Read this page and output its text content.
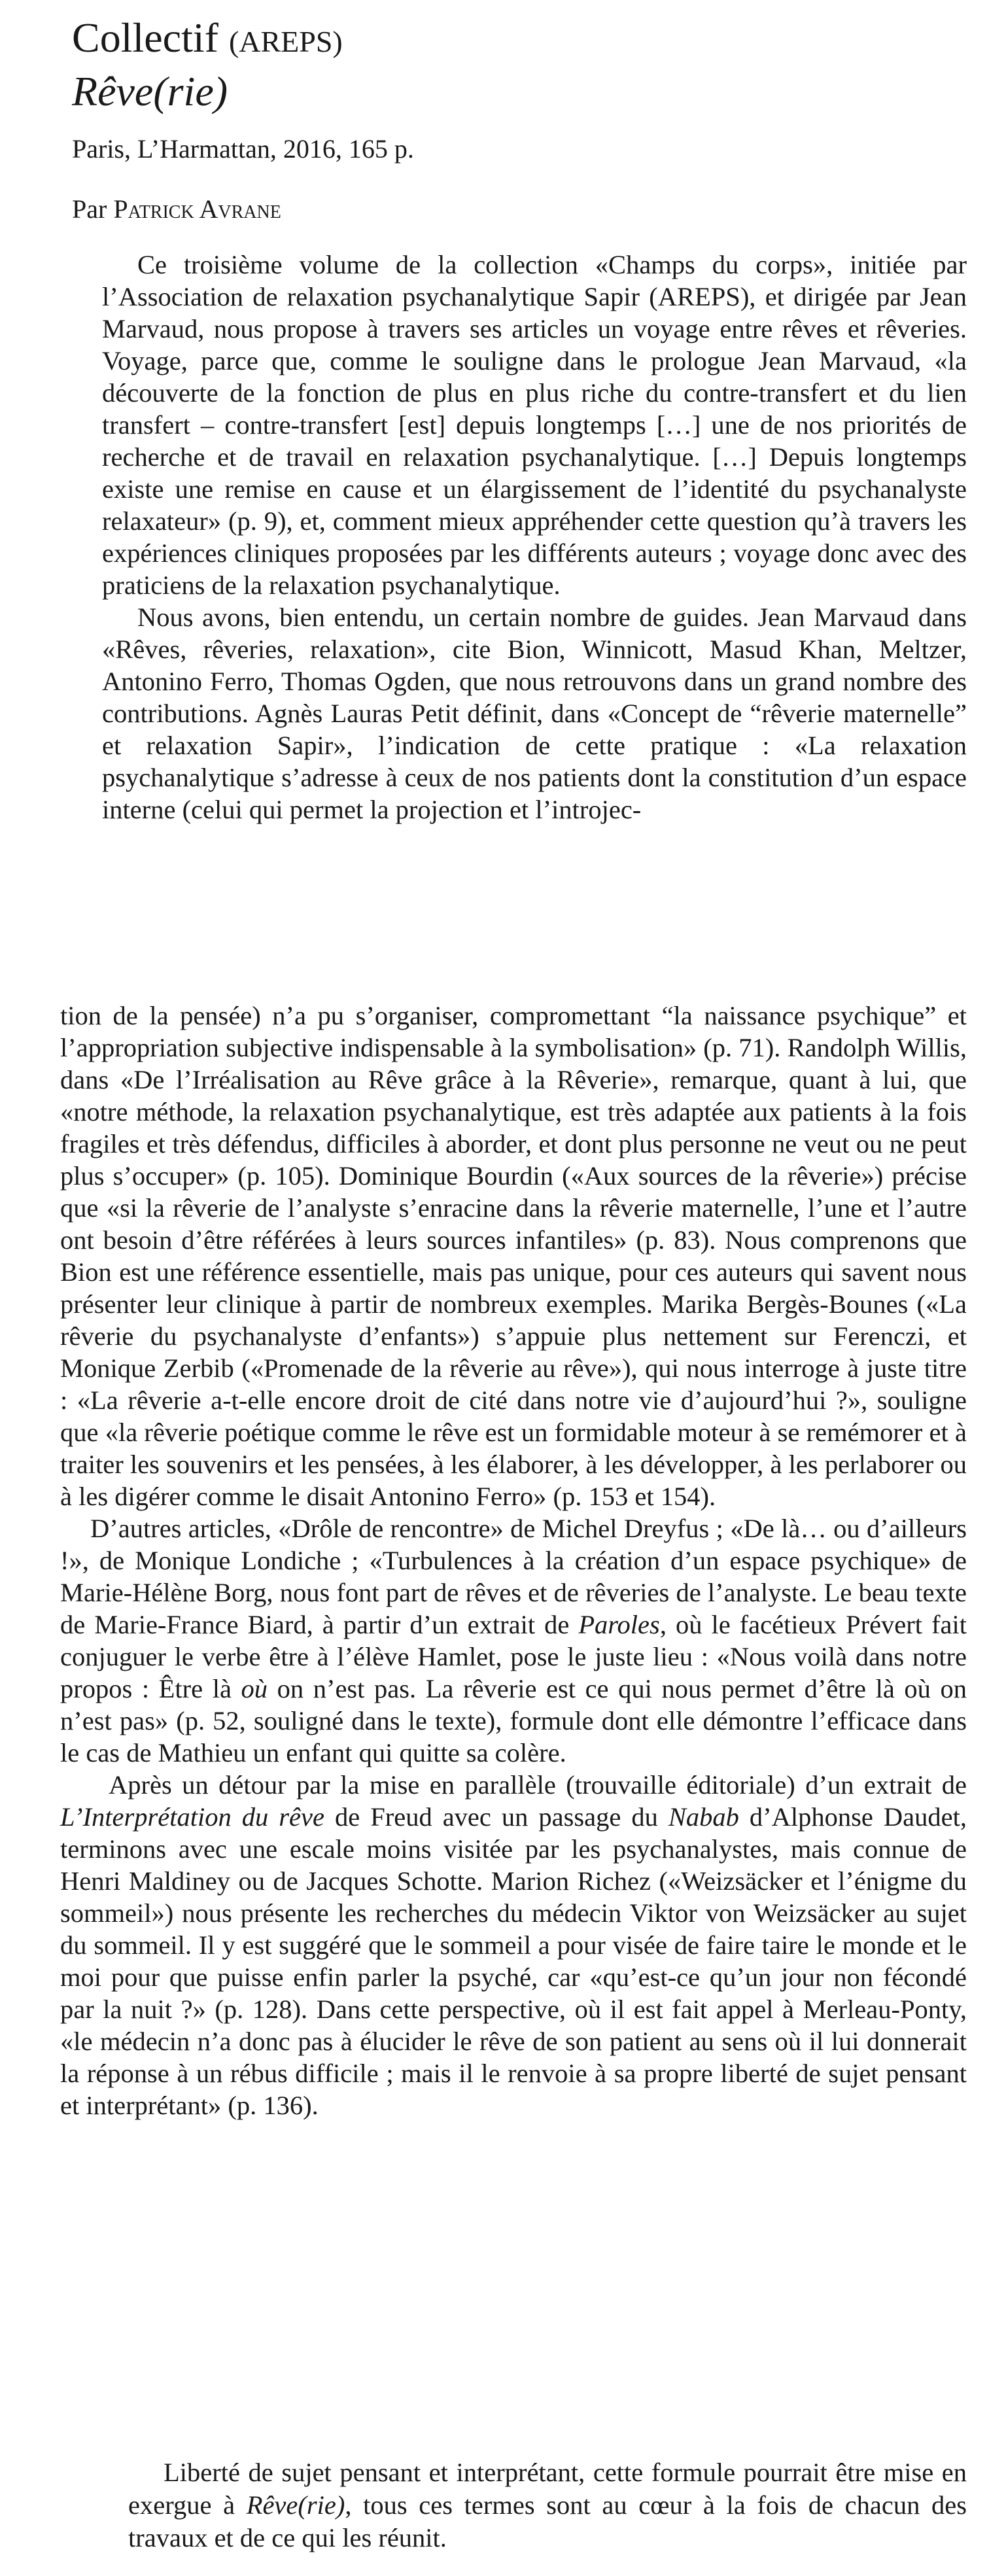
Collectif (AREPS)
Rêve(rie)

Paris, L’Harmattan, 2016, 165 p.

Par Patrick Avrane

Ce troisième volume de la collection «Champs du corps», initiée par l’Association de relaxation psychanalytique Sapir (AREPS), et dirigée par Jean Marvaud, nous propose à travers ses articles un voyage entre rêves et rêveries. Voyage, parce que, comme le souligne dans le prologue Jean Marvaud, «la découverte de la fonction de plus en plus riche du contre-transfert et du lien transfert – contre-transfert [est] depuis longtemps […] une de nos priorités de recherche et de travail en relaxation psychanalytique. […] Depuis longtemps existe une remise en cause et un élargissement de l’identité du psychanalyste relaxateur» (p. 9), et, comment mieux appréhender cette question qu’à travers les expériences cliniques proposées par les différents auteurs ; voyage donc avec des praticiens de la relaxation psychanalytique.

Nous avons, bien entendu, un certain nombre de guides. Jean Marvaud dans «Rêves, rêveries, relaxation», cite Bion, Winnicott, Masud Khan, Meltzer, Antonino Ferro, Thomas Ogden, que nous retrouvons dans un grand nombre des contributions. Agnès Lauras Petit définit, dans «Concept de “rêverie maternelle” et relaxation Sapir», l’indication de cette pratique : «La relaxation psychanalytique s’adresse à ceux de nos patients dont la constitution d’un espace interne (celui qui permet la projection et l’introjec-

tion de la pensée) n’a pu s’organiser, compromettant “la naissance psychique” et l’appropriation subjective indispensable à la symbolisation» (p. 71). Randolph Willis, dans «De l’Irréalisation au Rêve grâce à la Rêverie», remarque, quant à lui, que «notre méthode, la relaxation psychanalytique, est très adaptée aux patients à la fois fragiles et très défendus, difficiles à aborder, et dont plus personne ne veut ou ne peut plus s’occuper» (p. 105). Dominique Bourdin («Aux sources de la rêverie») précise que «si la rêverie de l’analyste s’enracine dans la rêverie maternelle, l’une et l’autre ont besoin d’être référées à leurs sources infantiles» (p. 83). Nous comprenons que Bion est une référence essentielle, mais pas unique, pour ces auteurs qui savent nous présenter leur clinique à partir de nombreux exemples. Marika Bergès-Bounes («La rêverie du psychanalyste d’enfants») s’appuie plus nettement sur Ferenczi, et Monique Zerbib («Promenade de la rêverie au rêve»), qui nous interroge à juste titre : «La rêverie a-t-elle encore droit de cité dans notre vie d’aujourd’hui ?», souligne que «la rêverie poétique comme le rêve est un formidable moteur à se remémorer et à traiter les souvenirs et les pensées, à les élaborer, à les développer, à les perlaborer ou à les digérer comme le disait Antonino Ferro» (p. 153 et 154).

D’autres articles, «Drôle de rencontre» de Michel Dreyfus ; «De là… ou d’ailleurs !», de Monique Londiche ; «Turbulences à la création d’un espace psychique» de Marie-Hélène Borg, nous font part de rêves et de rêveries de l’analyste. Le beau texte de Marie-France Biard, à partir d’un extrait de Paroles, où le facétieux Prévert fait conjuguer le verbe être à l’élève Hamlet, pose le juste lieu : «Nous voilà dans notre propos : Être là où on n’est pas. La rêverie est ce qui nous permet d’être là où on n’est pas» (p. 52, souligné dans le texte), formule dont elle démontre l’efficace dans le cas de Mathieu un enfant qui quitte sa colère.

Après un détour par la mise en parallèle (trouvaille éditoriale) d’un extrait de L’Interprétation du rêve de Freud avec un passage du Nabab d’Alphonse Daudet, terminons avec une escale moins visitée par les psychanalystes, mais connue de Henri Maldiney ou de Jacques Schotte. Marion Richez («Weizsäcker et l’énigme du sommeil») nous présente les recherches du médecin Viktor von Weizsäcker au sujet du sommeil. Il y est suggéré que le sommeil a pour visée de faire taire le monde et le moi pour que puisse enfin parler la psyché, car «qu’est-ce qu’un jour non fécondé par la nuit ?» (p. 128). Dans cette perspective, où il est fait appel à Merleau-Ponty, «le médecin n’a donc pas à élucider le rêve de son patient au sens où il lui donnerait la réponse à un rébus difficile ; mais il le renvoie à sa propre liberté de sujet pensant et interprétant» (p. 136).

Liberté de sujet pensant et interprétant, cette formule pourrait être mise en exergue à Rêve(rie), tous ces termes sont au cœur à la fois de chacun des travaux et de ce qui les réunit.
